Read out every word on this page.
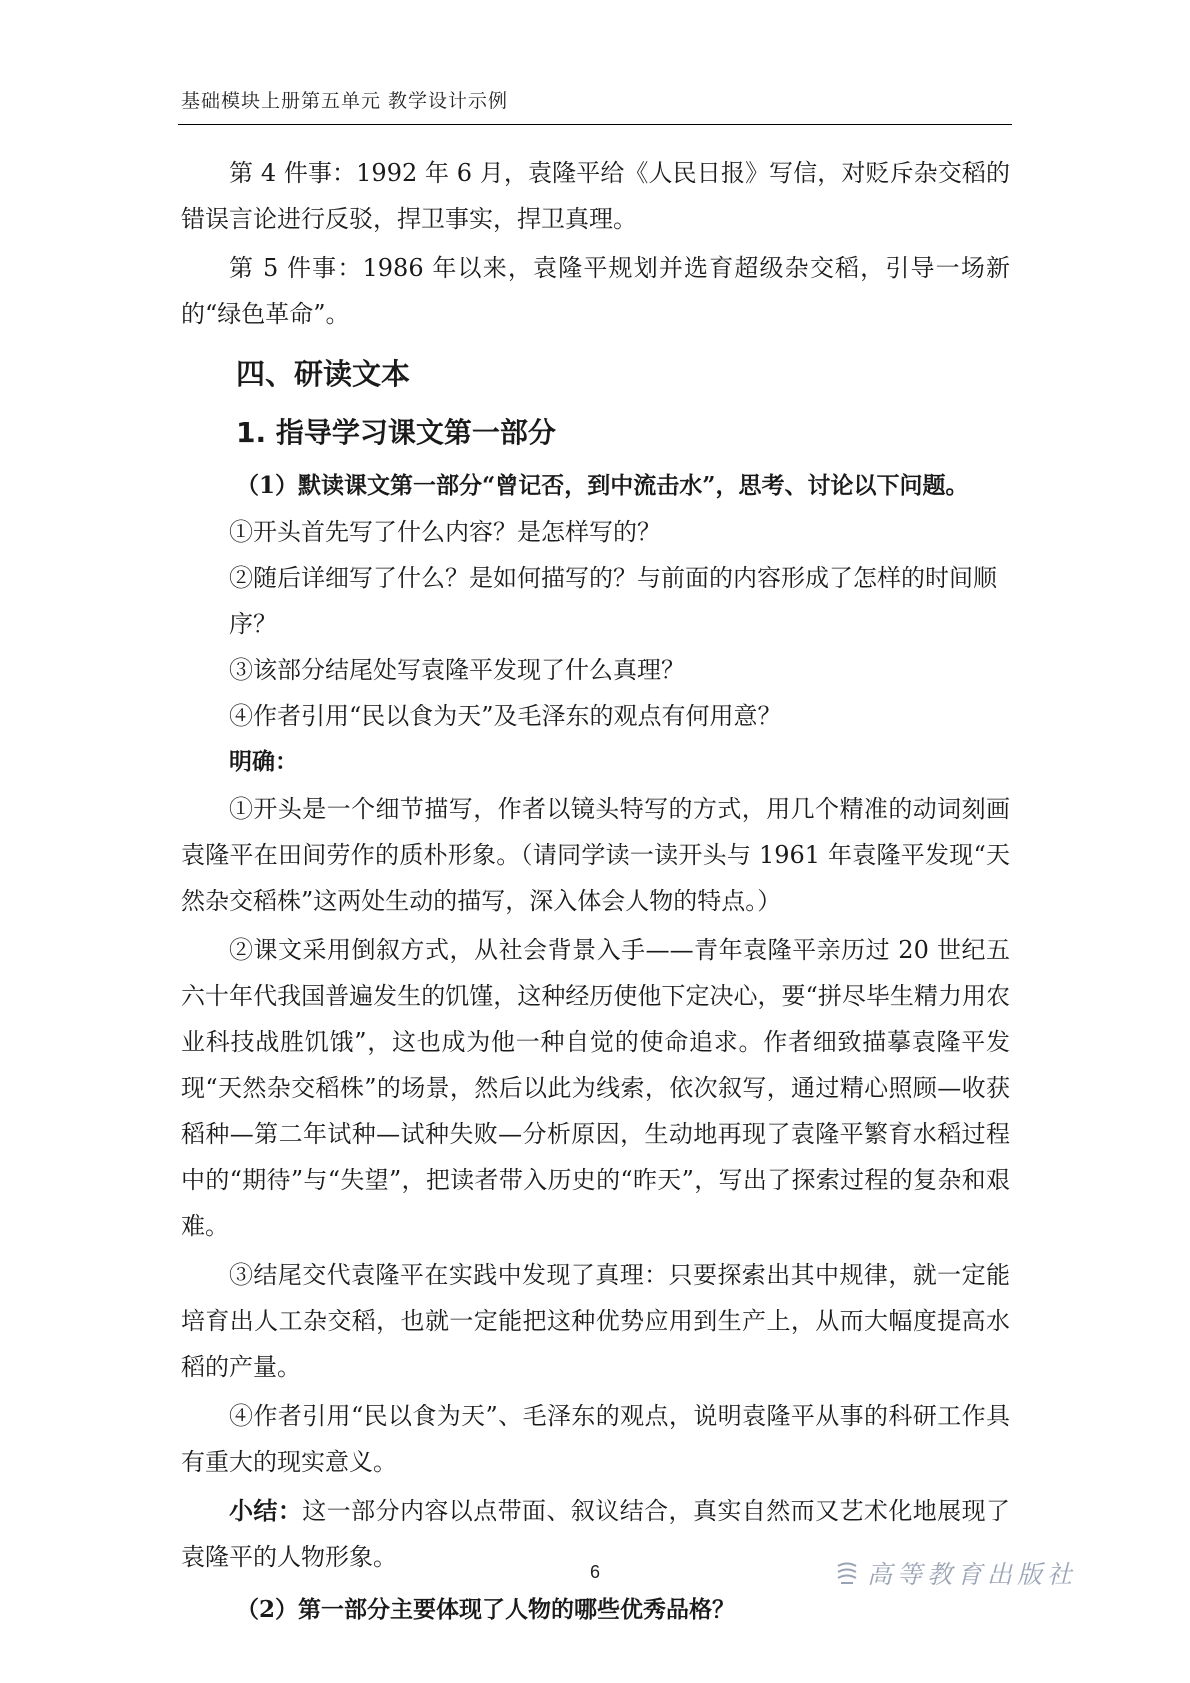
基础模块上册第五单元 教学设计示例

第 4 件事：1992 年 6 月，袁隆平给《人民日报》写信，对贬斥杂交稻的错误言论进行反驳，捍卫事实，捍卫真理。

第 5 件事：1986 年以来，袁隆平规划并选育超级杂交稻，引导一场新的“绿色革命”。

四、研读文本
1. 指导学习课文第一部分
（1）默读课文第一部分“曾记否，到中流击水”，思考、讨论以下问题。

①开头首先写了什么内容？是怎样写的？

②随后详细写了什么？是如何描写的？与前面的内容形成了怎样的时间顺序？

③该部分结尾处写袁隆平发现了什么真理？

④作者引用“民以食为天”及毛泽东的观点有何用意？

明确：

①开头是一个细节描写，作者以镜头特写的方式，用几个精准的动词刻画袁隆平在田间劳作的质朴形象。（请同学读一读开头与 1961 年袁隆平发现“天然杂交稻株”这两处生动的描写，深入体会人物的特点。）

②课文采用倒叙方式，从社会背景入手——青年袁隆平亲历过 20 世纪五六十年代我国普遍发生的饥馑，这种经历使他下定决心，要“拼尽毕生精力用农业科技战胜饥饿”，这也成为他一种自觉的使命追求。作者细致描摹袁隆平发现“天然杂交稻株”的场景，然后以此为线索，依次叙写，通过精心照顾—收获稻种—第二年试种—试种失败—分析原因，生动地再现了袁隆平繁育水稻过程中的“期待”与“失望”，把读者带入历史的“昨天”，写出了探索过程的复杂和艰难。

③结尾交代袁隆平在实践中发现了真理：只要探索出其中规律，就一定能培育出人工杂交稻，也就一定能把这种优势应用到生产上，从而大幅度提高水稻的产量。

④作者引用“民以食为天”、毛泽东的观点，说明袁隆平从事的科研工作具有重大的现实意义。

小结：这一部分内容以点带面、叙议结合，真实自然而又艺术化地展现了袁隆平的人物形象。

（2）第一部分主要体现了人物的哪些优秀品格？
6	高等教育出版社
